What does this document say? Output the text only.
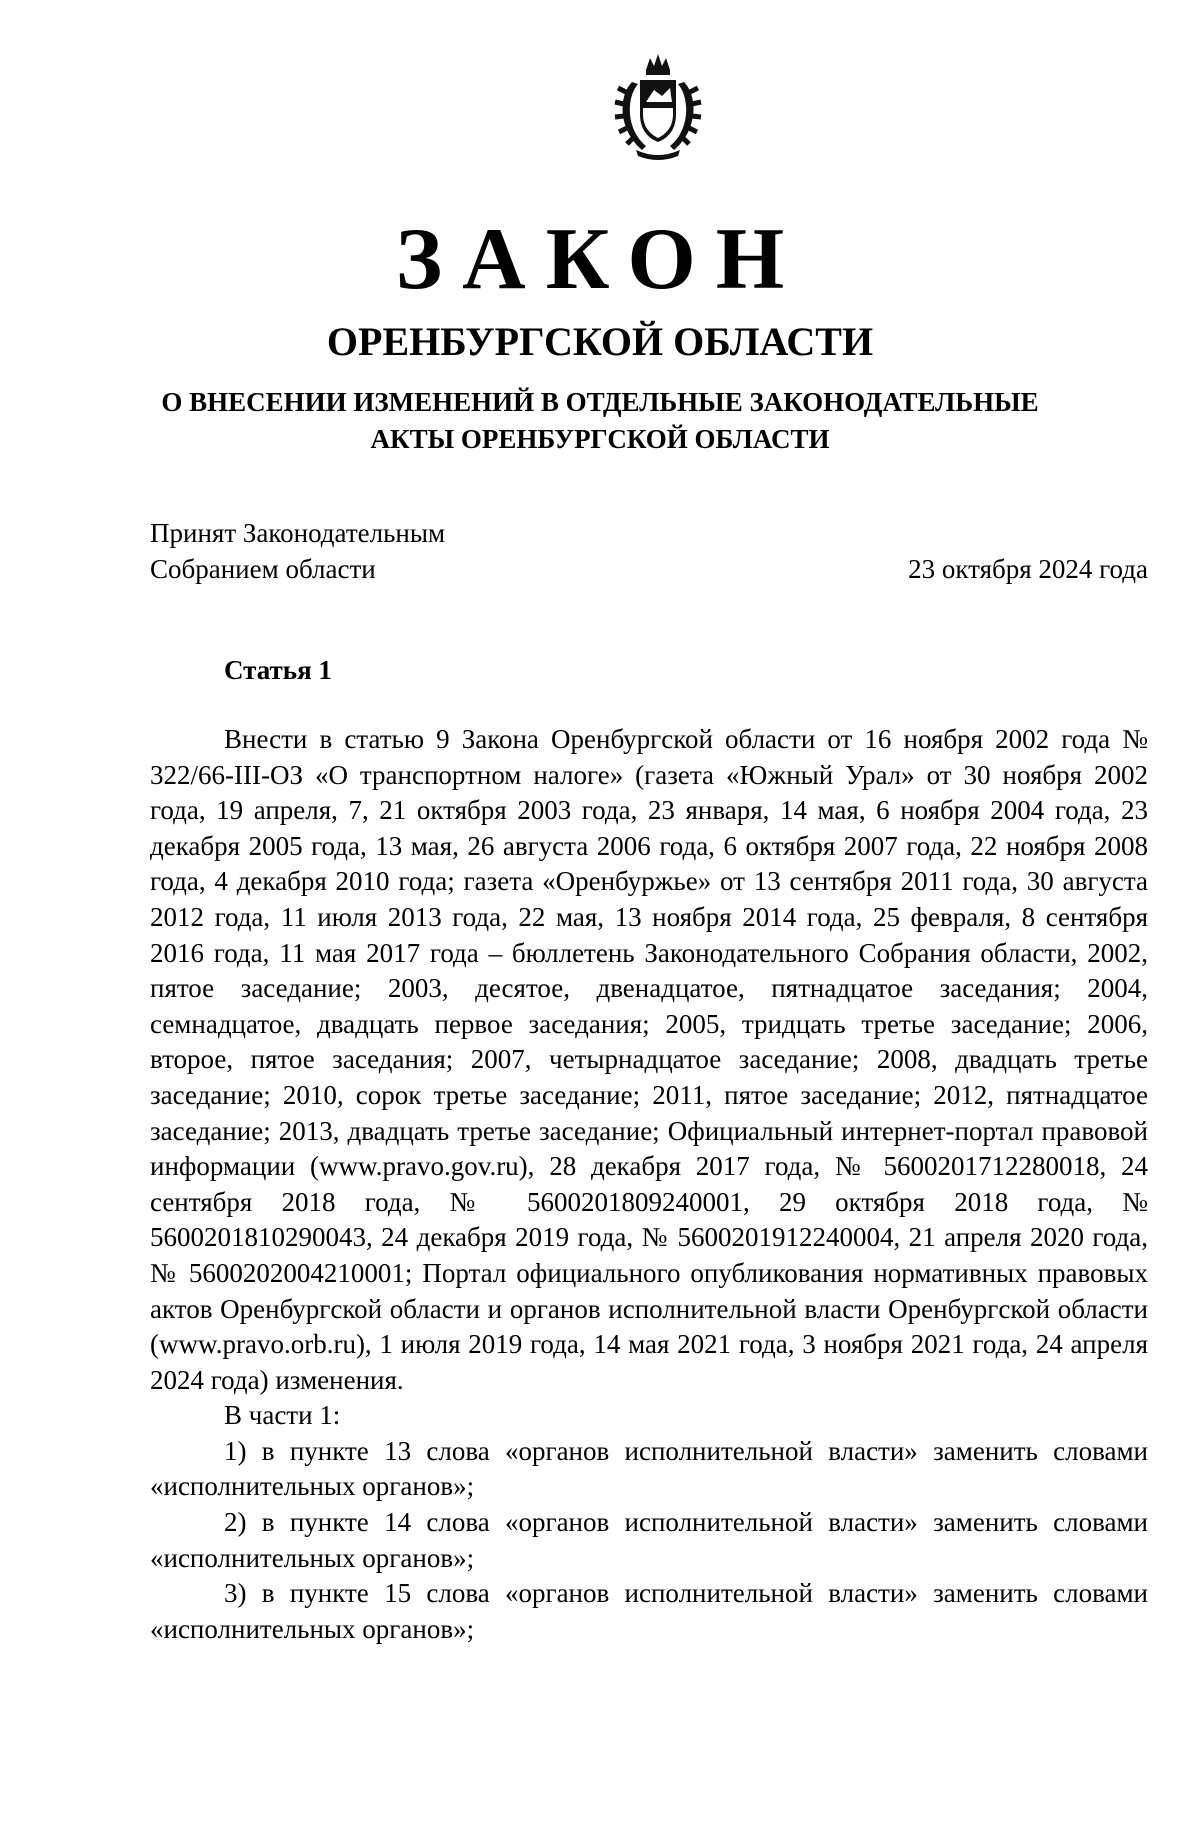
ЗАКОН
ОРЕНБУРГСКОЙ ОБЛАСТИ
О ВНЕСЕНИИ ИЗМЕНЕНИЙ В ОТДЕЛЬНЫЕ ЗАКОНОДАТЕЛЬНЫЕ АКТЫ ОРЕНБУРГСКОЙ ОБЛАСТИ
Принят Законодательным
Собранием области	23 октября 2024 года
Статья 1

Внести в статью 9 Закона Оренбургской области от 16 ноября 2002 года № 322/66-III-ОЗ «О транспортном налоге» (газета «Южный Урал» от 30 ноября 2002 года, 19 апреля, 7, 21 октября 2003 года, 23 января, 14 мая, 6 ноября 2004 года, 23 декабря 2005 года, 13 мая, 26 августа 2006 года, 6 октября 2007 года, 22 ноября 2008 года, 4 декабря 2010 года; газета «Оренбуржье» от 13 сентября 2011 года, 30 августа 2012 года, 11 июля 2013 года, 22 мая, 13 ноября 2014 года, 25 февраля, 8 сентября 2016 года, 11 мая 2017 года – бюллетень Законодательного Собрания области, 2002, пятое заседание; 2003, десятое, двенадцатое, пятнадцатое заседания; 2004, семнадцатое, двадцать первое заседания; 2005, тридцать третье заседание; 2006, второе, пятое заседания; 2007, четырнадцатое заседание; 2008, двадцать третье заседание; 2010, сорок третье заседание; 2011, пятое заседание; 2012, пятнадцатое заседание; 2013, двадцать третье заседание; Официальный интернет-портал правовой информации (www.pravo.gov.ru), 28 декабря 2017 года, № 5600201712280018, 24 сентября 2018 года, № 5600201809240001, 29 октября 2018 года, № 5600201810290043, 24 декабря 2019 года, № 5600201912240004, 21 апреля 2020 года, № 5600202004210001; Портал официального опубликования нормативных правовых актов Оренбургской области и органов исполнительной власти Оренбургской области (www.pravo.orb.ru), 1 июля 2019 года, 14 мая 2021 года, 3 ноября 2021 года, 24 апреля 2024 года) изменения.

В части 1:

1) в пункте 13 слова «органов исполнительной власти» заменить словами «исполнительных органов»;

2) в пункте 14 слова «органов исполнительной власти» заменить словами «исполнительных органов»;

3) в пункте 15 слова «органов исполнительной власти» заменить словами «исполнительных органов»;
